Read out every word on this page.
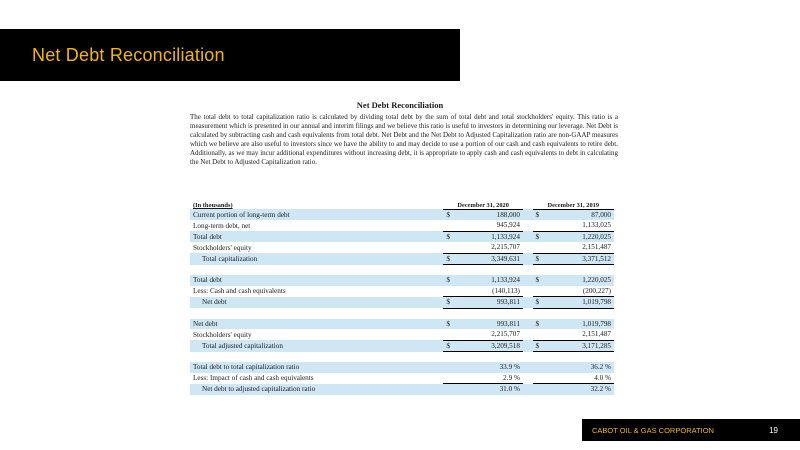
Net Debt Reconciliation
Net Debt Reconciliation

The total debt to total capitalization ratio is calculated by dividing total debt by the sum of total debt and total stockholders' equity. This ratio is a measurement which is presented in our annual and interim filings and we believe this ratio is useful to investors in determining our leverage. Net Debt is calculated by subtracting cash and cash equivalents from total debt. Net Debt and the Net Debt to Adjusted Capitalization ratio are non-GAAP measures which we believe are also useful to investors since we have the ability to and may decide to use a portion of our cash and cash equivalents to retire debt. Additionally, as we may incur additional expenditures without increasing debt, it is appropriate to apply cash and cash equivalents to debt in calculating the Net Debt to Adjusted Capitalization ratio.

(In thousands)	December 31, 2020			December 31, 2019	
Current portion of long-term debt	$	188,000		$	87,000
Long-term debt, net		945,924			1,133,025
Total debt	$	1,133,924		$	1,220,025
Stockholders' equity		2,215,707			2,151,487
Total capitalization	$	3,349,631		$	3,371,512

Total debt	$	1,133,924		$	1,220,025
Less: Cash and cash equivalents		(140,113)			(200,227)
Net debt	$	993,811		$	1,019,798

Net debt	$	993,811		$	1,019,798
Stockholders' equity		2,215,707			2,151,487
Total adjusted capitalization	$	3,209,518		$	3,171,285

Total debt to total capitalization ratio		33.9 %			36.2 %
Less: Impact of cash and cash equivalents		2.9 %			4.0 %
Net debt to adjusted capitalization ratio		31.0 %			32.2 %
CABOT OIL & GAS CORPORATION	19
